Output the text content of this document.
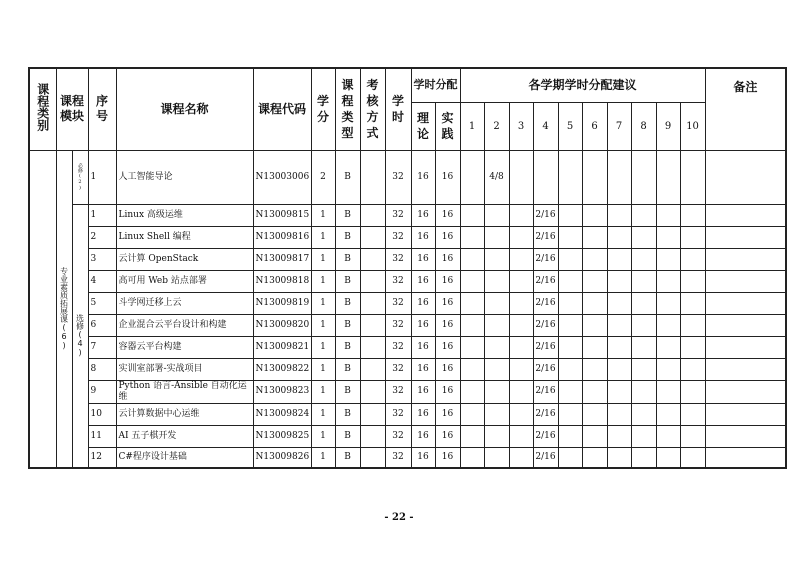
课程类别	课程模块		序号	课程名称	课程代码	学分	课程类型	考核方式	学时	学时分配		各学期学时分配建议										备注
										理论	实践	1	2	3	4	5	6	7	8	9	10	
	专业素质拓展课(6)	必修(2)	1	人工智能导论	N13003006	2	B		32	16	16		4/8									
		选修(4)	1	Linux 高级运维	N13009815	1	B		32	16	16				2/16							
			2	Linux Shell 编程	N13009816	1	B		32	16	16				2/16							
			3	云计算 OpenStack	N13009817	1	B		32	16	16				2/16							
			4	高可用 Web 站点部署	N13009818	1	B		32	16	16				2/16							
			5	斗学网迁移上云	N13009819	1	B		32	16	16				2/16							
			6	企业混合云平台设计和构建	N13009820	1	B		32	16	16				2/16							
			7	容器云平台构建	N13009821	1	B		32	16	16				2/16							
			8	实训室部署-实战项目	N13009822	1	B		32	16	16				2/16							
			9	Python 语言-Ansible 自动化运维	N13009823	1	B		32	16	16				2/16							
			10	云计算数据中心运维	N13009824	1	B		32	16	16				2/16							
			11	AI 五子棋开发	N13009825	1	B		32	16	16				2/16							
			12	C#程序设计基础	N13009826	1	B		32	16	16				2/16							
- 22 -
